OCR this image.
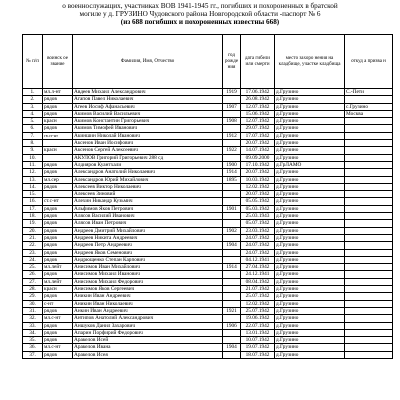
о военнослужащих, участниках ВОВ 1941-1945 гг., погибших и похороненных в братской
могиле у д. ГРУЗИНО Чудовского района Новгородской области -паспорт № 6
(из 688 погибших и похороненных известны 668)
№ п/п	воинск ое звание	Фамилия, Имя, Отчество	год рожде ния	дата гибели или смерти	место захоро нения на кладбище, участке кладбища	откуд а призва н
1.	мл.л-нт	Авдеев Михаил Александрович	1919	17.06.1942	д.Грузино	С.-Пети
2.	рядов	Агапов Павел Николаевич		26.08.1942	д.Грузино	
3.	рядов	Агеев Иосиф Афанасьевич	1907	12.07.1942	д.Грузино	с.Грузино
4.	рядов	Акимов Василий Васильевич		15.06.1942	д.Грузино	Москва
5.	красн	Акимов Константин Григорьевич	1908	12.07.1942	д.Грузино	
6.	рядов	Акимов Тимофей Иванович		29.07.1942	д.Грузино	
7.	гв.ст-нт	Акиншин Николай Иванович	1912	17.07.1942	д.Грузино	
8.		Аксенов Иван Иосифович		20.07.1942	д.Грузино	
9.	красн	Аксенов Сергей Алексеевич	1922	14.07.1942	д.Грузино	
10.		АКУЛОВ Григорий Григорьевич 288 сд		09.09.2000	д.Грузино	
11.	рядов	Алдияров Куантхали	1900	17.10.1942	д.ГрЛАМО	
12.	рядов	Александров Анатолий Николаевич	1914	20.07.1942	д.Грузино	
13.	мл.сер	Александров Юрий Михайлович	1895	10.03.1942	д.Грузино	
14.	рядов	Алексеев Виктор Николаевич		12.02.1942	д.Грузино	
15.		Алексеев Зиновий		20.07.1942	д.Грузино	
16.	ст.с-нт	Алехин Никандр Кузьмич		05.05.1942	д.Грузино	
17.	рядов	Альфимов Яков Петрович	1901	05.03.1942	д.Грузино	
18.	рядов	Алясов Василий Иванович		25.03.1943	д.Грузино	
19.	рядов	Алясов Иван Петрович		05.07.1942	д.Грузино	
20.	рядов	Андреев Дмитрий Михайлович	1902	23.03.1942	д.Грузино	
21.	рядов	Андреев Никита Андреевич		24.07.1942	д.Грузино	
22.	рядов	Андреев Петр Андреевич	1904	24.07.1942	д.Грузино	
23.	рядов	Андреев Яков Семенович		24.07.1942	д.Грузино	
24.	рядов	Андрющенко Степан Карпович		04.12.1941	д.Грузино	
25.	мл.лейт	Анисимов Иван Михайлович	1914	27.04.1942	д.Грузино	
26.	рядов	Анисимов Михаил Иванович		24.12.1941	д.Грузино	
27.	мл.лейт	Анисимов Михаил Федорович		08.04.1942	д.Грузино	
28.	красн	Анисимов Яков Сергеевич		21.07.1942	д.Грузино	
29.	рядов	Аникин Иван Андреевич		25.07.1942	д.Грузино	
30.	с-нт	Аникин Иван Николаевич		12.02.1942	д.Грузино	
31.	рядов	Анкин Иван Андреевич	1921	25.07.1942	д.Грузино	
32.	мл.с-нт	Антипов Анатолий Александрович		19.06.1942	д.Грузино	
33.	рядов	Аншуков Данил Захарович	1906	22.07.1942	д.Грузино	
34.	рядов	Апарин Порфирий Федорович		13.01.1942	д.Грузино	
35.	рядов	Аракелов Исей		10.07.1942	д.Грузино	
36.	мл.с-нт	Аракелов Ивана	1904	19.07.1942	д.Грузино	
37.	рядов	Аракелов Исея		18.07.1942	д.Грузино	
